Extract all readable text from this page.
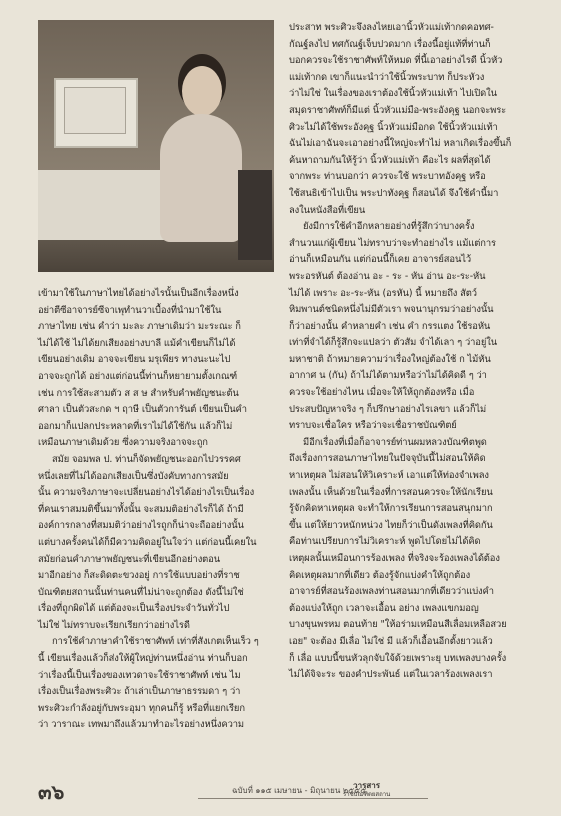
เข้ามาใช้ในภาษาไทยได้อย่างไรนั้นเป็นอีกเรื่องหนึ่ง

อย่าตีซีอาจารย์ซีจาเพุทำนวาเบื้องที่นำมาใช้ใน

ภาษาไทย เช่น คำว่า มะละ ภาษาเดิมว่า มะระณะ ก็

ไม่ได้ใช้ ไม่ได้ยกเสียงอย่างบาลี แม้คำเขียนก็ไม่ได้

เขียนอย่างเดิม อาจจะเขียน มรุเพียร ทางนะนะไป

อาจจะถูกได้ อย่างแต่ก่อนนี้ท่านก็หยายามตั้งเกณฑ์

เช่น การใช้สะสามตัว ส ส ษ สำหรับคำพยัญชนะต้น

ศาลา เป็นตัวสะกด ฯ ฤาษี เป็นตัวการันต์ เขียนเป็นคำ

ออกมาก็แปลกประหลาดที่เราไม่ได้ใช้กัน แล้วก็ไม่

เหมือนภาษาเดิมด้วย ซึ่งความจริงอาจจะถูก

สมัย จอมพล ป. ท่านก็จัดพยัญชนะออกไปวรรคศ

หนึ่งเลยที่ไม่ได้ออกเสียงเป็นซึ่งบังคับทางการสมัย

นั้น ความจริงภาษาจะเปลี่ยนอย่างไรได้อย่างไรเป็นเรื่อง

ที่คนเราสมมติขึ้นมาทั้งนั้น จะสมมติอย่างไรก็ได้ ถ้ามี

องค์การกลางที่สมมติว่าอย่างไรถูกก็น่าจะถืออย่างนั้น

แต่บางครั้งคนได้ก็มีความคิดอยู่ในใจว่า แต่ก่อนนี้เคยใน

สมัยก่อนคำภาษาพยัญชนะที่เขียนอีกอย่างตอน

มาอีกอย่าง ก็สะดิดตะขวงอยู่ การใช้แบบอย่างที่ราช

บัณฑิตยสถานนั้นท่านคนที่ไม่น่าจะถูกต้อง ดังนี้ไม่ใช่

เรื่องที่ถูกผิดได้ แต่ต้องจะเป็นเรื่องประจำวันทั่วไป

ไม่ใช่ ไม่ทราบจะเรียกเรียกว่าอย่างไรดี

การใช้คำภาษาคำใช้ราชาศัพท์ เท่าที่สังเกตเห็นเร็ว ๆ

นี้ เขียนเรื่องแล้วก็ส่งให้ผู้ใหญ่ท่านหนึ่งอ่าน ท่านก็บอก

ว่าเรื่องนี้เป็นเรื่องของเทวดาจะใช้ราชาศัพท์ เช่น ไม

เรื่องเป็นเรื่องพระศิวะ ถ้าเล่าเป็นภาษาธรรมดา ๆ ว่า

พระศิวะกำลังอยู่กับพระอุมา ทุกคนก็รู้ หรือที่แยกเรียก

ว่า วาราณะ เทพมาถึงแล้วมาทำอะไรอย่างหนึ่งความ

ประสาท พระศิวะจึงลงไหยเอานิ้วหัวแม่เท้ากดคอทศ-

กัณฐ์ลงไป ทศกัณฐ์เจ็บปวดมาก เรื่องนี้อยู่แท้ที่ท่านก็

บอกควรจะใช้ราชาศัพท์ให้หมด ที่นี้เอาอย่างไรดี นิ้วหัว

แม่เท้ากด เขาก็แนะนำว่าใช้นิ้วพระบาท ก็ประหัวง

ว่าไม่ใช่ ในเรื่องของเราต้องใช้นิ้วหัวแม่เท้า ไปเปิดใน

สมุดราชาศัพท์ก็มีแต่ นิ้วหัวแม่มือ-พระอังคุฐ นอกจะพระ

ศิวะไม่ได้ใช้พระอังคุฐ นิ้วหัวแม่มือกด ใช้นิ้วหัวแม่เท้า

ฉันไม่เอาฉันจะเอาอย่างนี้ใหญ่จะทำไม่ หลาเกิดเรื่องขึ้นก็

ค้นหาถามกันให้รู้ว่า นิ้วหัวแม่เท้า คือะไร ผลที่สุดได้

จากพระ ท่านบอกว่า ควรจะใช้ พระบาทอังคุฐ หรือ

ใช้สนธิเข้าไปเป็น พระปาทังคุฐ ก็สอนได้ จึงใช้คำนี้มา

ลงในหนังสือที่เขียน

ยังมีการใช้คำอีกหลายอย่างที่รู้สึกว่าบางครั้ง

สำนวนแก่ผู้เขียน ไม่ทราบว่าจะทำอย่างไร แม้แต่การ

อ่านก็เหมือนกัน แต่ก่อนนี้ก็เคย อาจารย์สอนไว้

พระอรหันต์ ต้องอ่าน อะ - ระ - หัน อ่าน อะ-ระ-หัน

ไม่ได้ เพราะ อะ-ระ-หัน (อรหัน) นี้ หมายถึง สัตว์

หิมพานต์ชนิดหนึ่งไม่มีตัวเรา พจนานุกรมว่าอย่างนั้น

ก็ว่าอย่างนั้น คำหลายคำ เช่น คำ กรรแตง ใช้รอหัน

เท่าที่จำได้ก็รู้สึกจะแปลว่า ตัวสัม จำได้เลา ๆ ว่าอยู่ใน

มหาชาติ ถ้าหมายความว่าเรื่องใหญ่ต้องใช้ ก ไม้หัน

อากาศ น (กัน) ถ้าไม่ได้ตามหรือว่าไม่ได้คิดดี ๆ ว่า

ควรจะใช้อย่างไหน เมื่อจะให้ให้ถูกต้องหรือ เมื่อ

ประสบปัญหาจริง ๆ ก็ปรึกษาอย่างไรเลขา แล้วก็ไม่

ทราบจะเชื่อใคร หรือว่าจะเชื่อราชบัณฑิตย์

มีอีกเรื่องที่เมื่อก็อาจารย์ท่านผมหลวงบัณฑิตพูด

ถึงเรื่องการสอนภาษาไทยในปัจจุบันนี้ไม่สอนให้คิด

หาเหตุผล ไม่สอนให้วิเคราะห์ เอาแต่ให้ท่องจำเพลง

เพลงนั้น เห็นด้วยในเรื่องที่การสอนควรจะให้นักเรียน

รู้จักคิดหาเหตุผล จะทำให้การเรียนการสอนสนุกมาก

ขึ้น แต่ให้ยาวหนักหน่วง ไทยก็ว่าเป็นดังเพลงที่คิดกัน

คือท่านเปรียบการไม่วิเคราะห์ พูดไปโดยไม่ได้คิด

เหตุผลนั้นเหมือนการร้องเพลง ที่จริงจะร้องเพลงได้ต้อง

คิดเหตุผลมากที่เดียว ต้องรู้จักแบ่งคำให้ถูกต้อง

อาจารย์ที่สอนร้องเพลงท่านสอนมากที่เดียวว่าแบ่งคำ

ต้องแบ่งให้ถูก เวลาจะเอื้อน อย่าง เพลงแขกมอญ

บางขุนพรหม ตอนท้าย "ให้อร่ามเหมือนสีเลื่อมเหลือสวย

เอย" จะต้อง มีเลื่อ ไม่ใช่ มี แล้วก็เอื้อนอีกตั้งยาวแล้ว

ก็ เลื่อ แบบนี้ขนหัวลุกจับใจ้ด้วยเพราะยุ บทเพลงบางครั้ง

ไม่ได้จิจะระ ของคำประพันธ์ แต่ในเวลาร้องเพลงเรา

๓๖	ฉบับที่ ๑๑๕ เมษายน - มิถุนายน ๒๕๕๕
วารสาร
ราชบัณฑิตยสถาน
